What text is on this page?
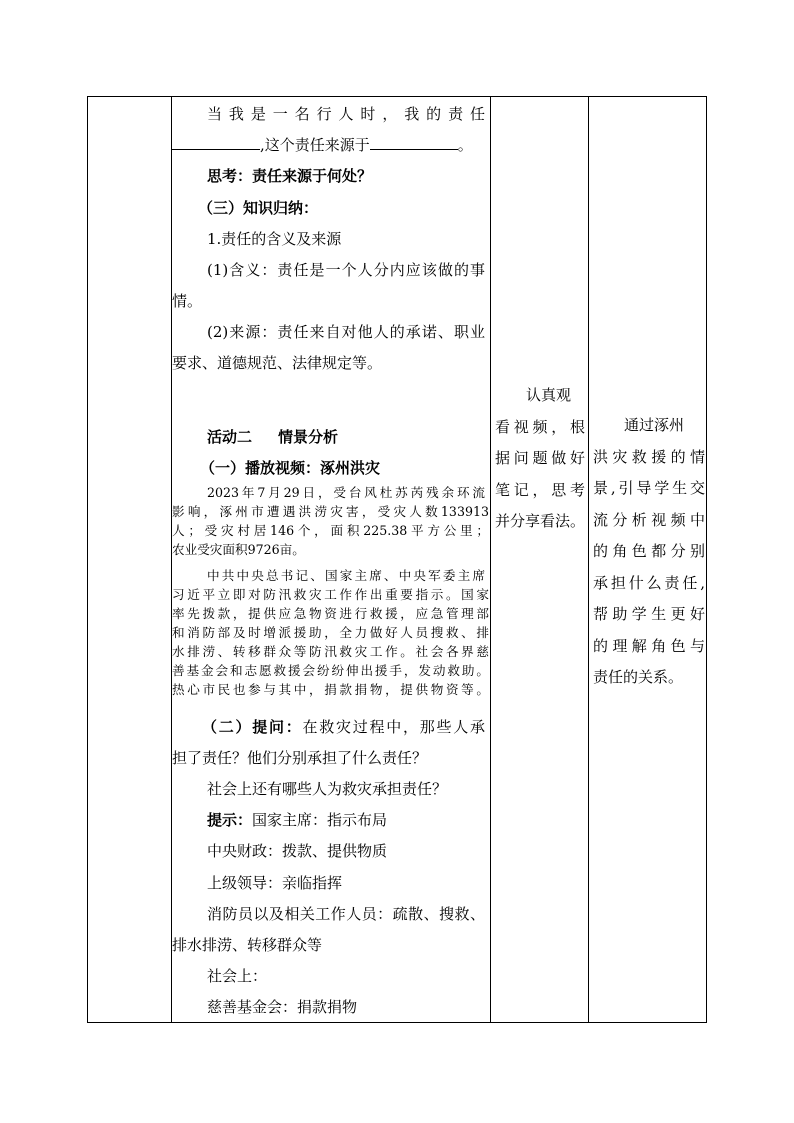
当我是一名行人时，我的责任
,这个责任来源于	。
思考：责任来源于何处？
（三）知识归纳：
1.责任的含义及来源
(1)含义：责任是一个人分内应该做的事
情。
(2)来源：责任来自对他人的承诺、职业
要求、道德规范、法律规定等。
活动二 情景分析
（一）播放视频：涿州洪灾
2023年7月29日，受台风杜苏芮残余环流
影响，涿州市遭遇洪涝灾害，受灾人数133913
人；受灾村居146个，面积225.38平方公里；
农业受灾面积9726亩。
中共中央总书记、国家主席、中央军委主席
习近平立即对防汛救灾工作作出重要指示。国家
率先拨款，提供应急物资进行救援，应急管理部
和消防部及时增派援助，全力做好人员搜救、排
水排涝、转移群众等防汛救灾工作。社会各界慈
善基金会和志愿救援会纷纷伸出援手，发动救助。
热心市民也参与其中，捐款捐物，提供物资等。
（二）提问：在救灾过程中，那些人承
担了责任？他们分别承担了什么责任？
社会上还有哪些人为救灾承担责任？
提示：国家主席：指示布局
中央财政：拨款、提供物质
上级领导：亲临指挥
消防员以及相关工作人员：疏散、搜救、
排水排涝、转移群众等
社会上：
慈善基金会：捐款捐物
认真观
看视频，根
据问题做好
笔记，思考
并分享看法。
通过涿州
洪灾救援的情
景,引导学生交
流分析视频中
的角色都分别
承担什么责任,
帮助学生更好
的理解角色与
责任的关系。
